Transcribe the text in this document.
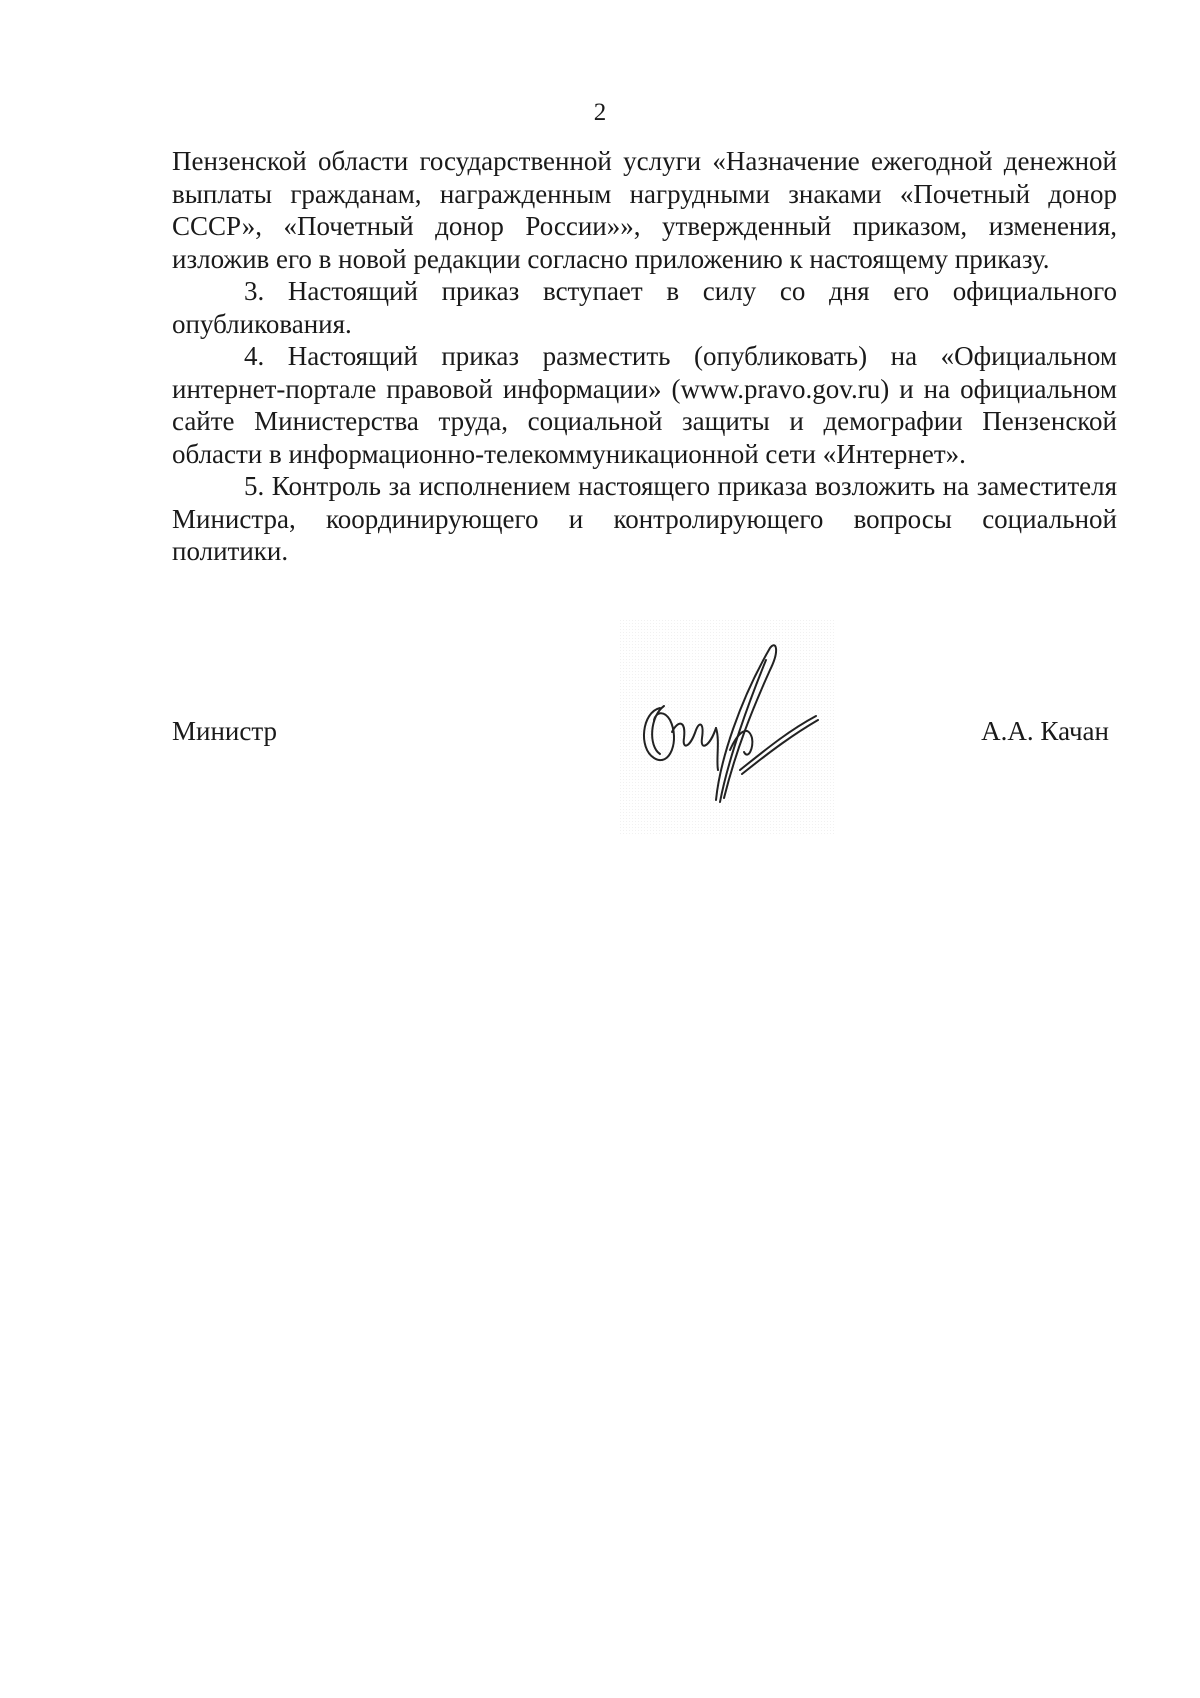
2

Пензенской области государственной услуги «Назначение ежегодной денежной выплаты гражданам, награжденным нагрудными знаками «Почетный донор СССР», «Почетный донор России»», утвержденный приказом, изменения, изложив его в новой редакции согласно приложению к настоящему приказу.

3. Настоящий приказ вступает в силу со дня его официального опубликования.

4. Настоящий приказ разместить (опубликовать) на «Официальном интернет-портале правовой информации» (www.pravo.gov.ru) и на официальном сайте Министерства труда, социальной защиты и демографии Пензенской области в информационно-телекоммуникационной сети «Интернет».

5. Контроль за исполнением настоящего приказа возложить на заместителя Министра, координирующего и контролирующего вопросы социальной политики.

Министр	А.А. Качан
